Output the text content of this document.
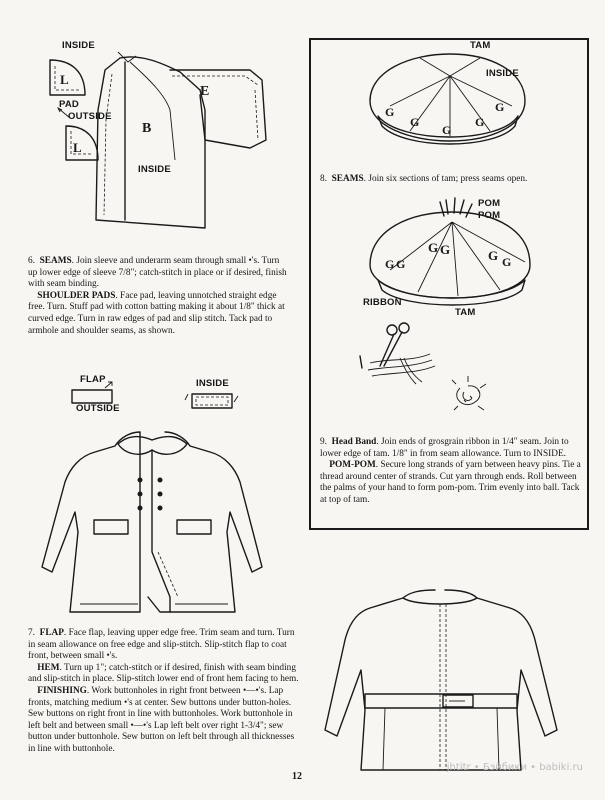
E
B
L
L
INSIDE
PAD
OUTSIDE
INSIDE

6. SEAMS. Join sleeve and underarm seam through small •'s. Turn up lower edge of sleeve 7/8"; catch-stitch in place or if desired, finish with seam binding.
SHOULDER PADS. Face pad, leaving unnotched straight edge free. Turn. Stuff pad with cotton batting making it about 1/8" thick at curved edge. Turn in raw edges of pad and slip stitch. Tack pad to armhole and shoulder seams, as shown.

G
G
G
G
G
TAM
INSIDE

8. SEAMS. Join six sections of tam; press seams open.

G G
G G	G G
POM
POM
RIBBON
TAM

9. Head Band. Join ends of grosgrain ribbon in 1/4" seam. Join to lower edge of tam. 1/8" in from seam allowance. Turn to INSIDE.
POM-POM. Secure long strands of yarn between heavy pins. Tie a thread around center of strands. Cut yarn through ends. Roll between the palms of your hand to form pom-pom. Trim evenly into ball. Tack at top of tam.

FLAP
OUTSIDE
INSIDE

7. FLAP. Face flap, leaving upper edge free. Trim seam and turn. Turn in seam allowance on free edge and slip-stitch. Slip-stitch flap to coat front, between small •'s.
HEM. Turn up 1"; catch-stitch or if desired, finish with seam binding and slip-stitch in place. Slip-stitch lower end of front hem facing to hem.
FINISHING. Work buttonholes in right front between •—•'s. Lap fronts, matching medium •'s at center. Sew buttons under button-holes. Sew buttons on right front in line with buttonholes. Work buttonhole in left belt and between small •—•'s Lap left belt over right 1-3/4"; sew button under buttonhole. Sew button on left belt through all thicknesses in line with buttonhole.

12
jhtitr • Бэйбики • babiki.ru
